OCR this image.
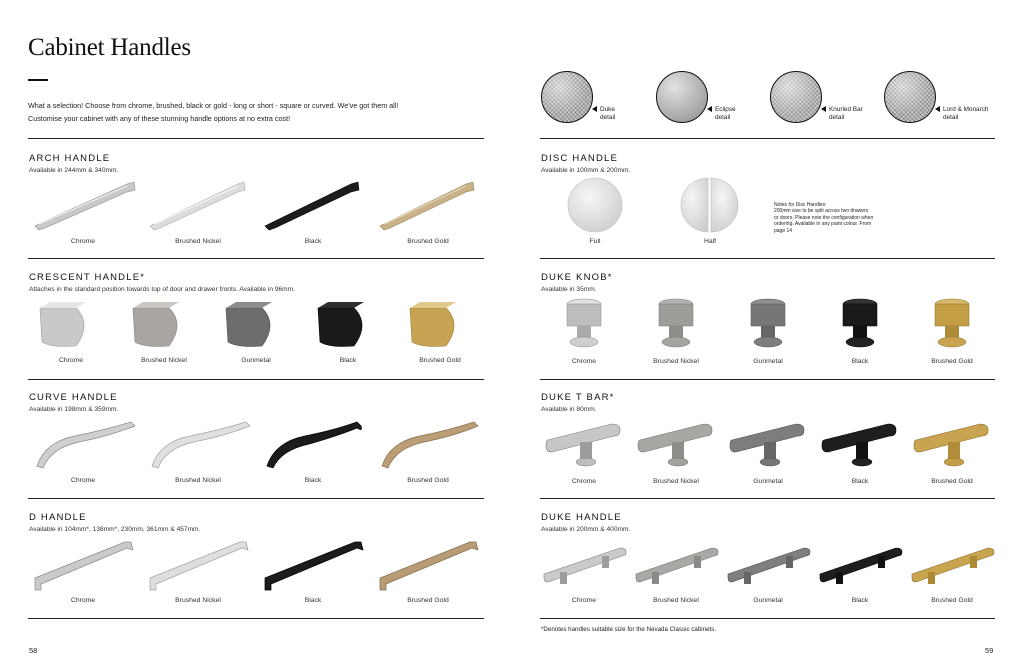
Cabinet Handles
What a selection! Choose from chrome, brushed, black or gold - long or short - square or curved. We've got them all!
Customise your cabinet with any of these stunning handle options at no extra cost!
ARCH HANDLE
Available in 244mm & 340mm.
Chrome	Brushed Nickel	Black	Brushed Gold
CRESCENT HANDLE*
Attaches in the standard position towards top of door and drawer fronts. Available in 96mm.
Chrome	Brushed Nickel	Gunmetal	Black	Brushed Gold
CURVE HANDLE
Available in 198mm & 359mm.
Chrome	Brushed Nickel	Black	Brushed Gold
D HANDLE
Available in 104mm*, 138mm*, 230mm, 361mm & 457mm.
Chrome	Brushed Nickel	Black	Brushed Gold
58
Duke
detail
Eclipse
detail
Knurled Bar
detail
Lord & Monarch
detail
DISC HANDLE
Available in 100mm & 200mm.
Full	Half
Notes for Disc Handles:
200mm size to be split across two drawers
or doors. Please note the configuration when
ordering. Available in any paint colour. From
page 14
DUKE KNOB*
Available in 35mm.
Chrome	Brushed Nickel	Gunmetal	Black	Brushed Gold
DUKE T BAR*
Available in 80mm.
Chrome	Brushed Nickel	Gunmetal	Black	Brushed Gold
DUKE HANDLE
Available in 200mm & 400mm.
Chrome	Brushed Nickel	Gunmetal	Black	Brushed Gold
*Denotes handles suitable size for the Nevada Classic cabinets.
59
